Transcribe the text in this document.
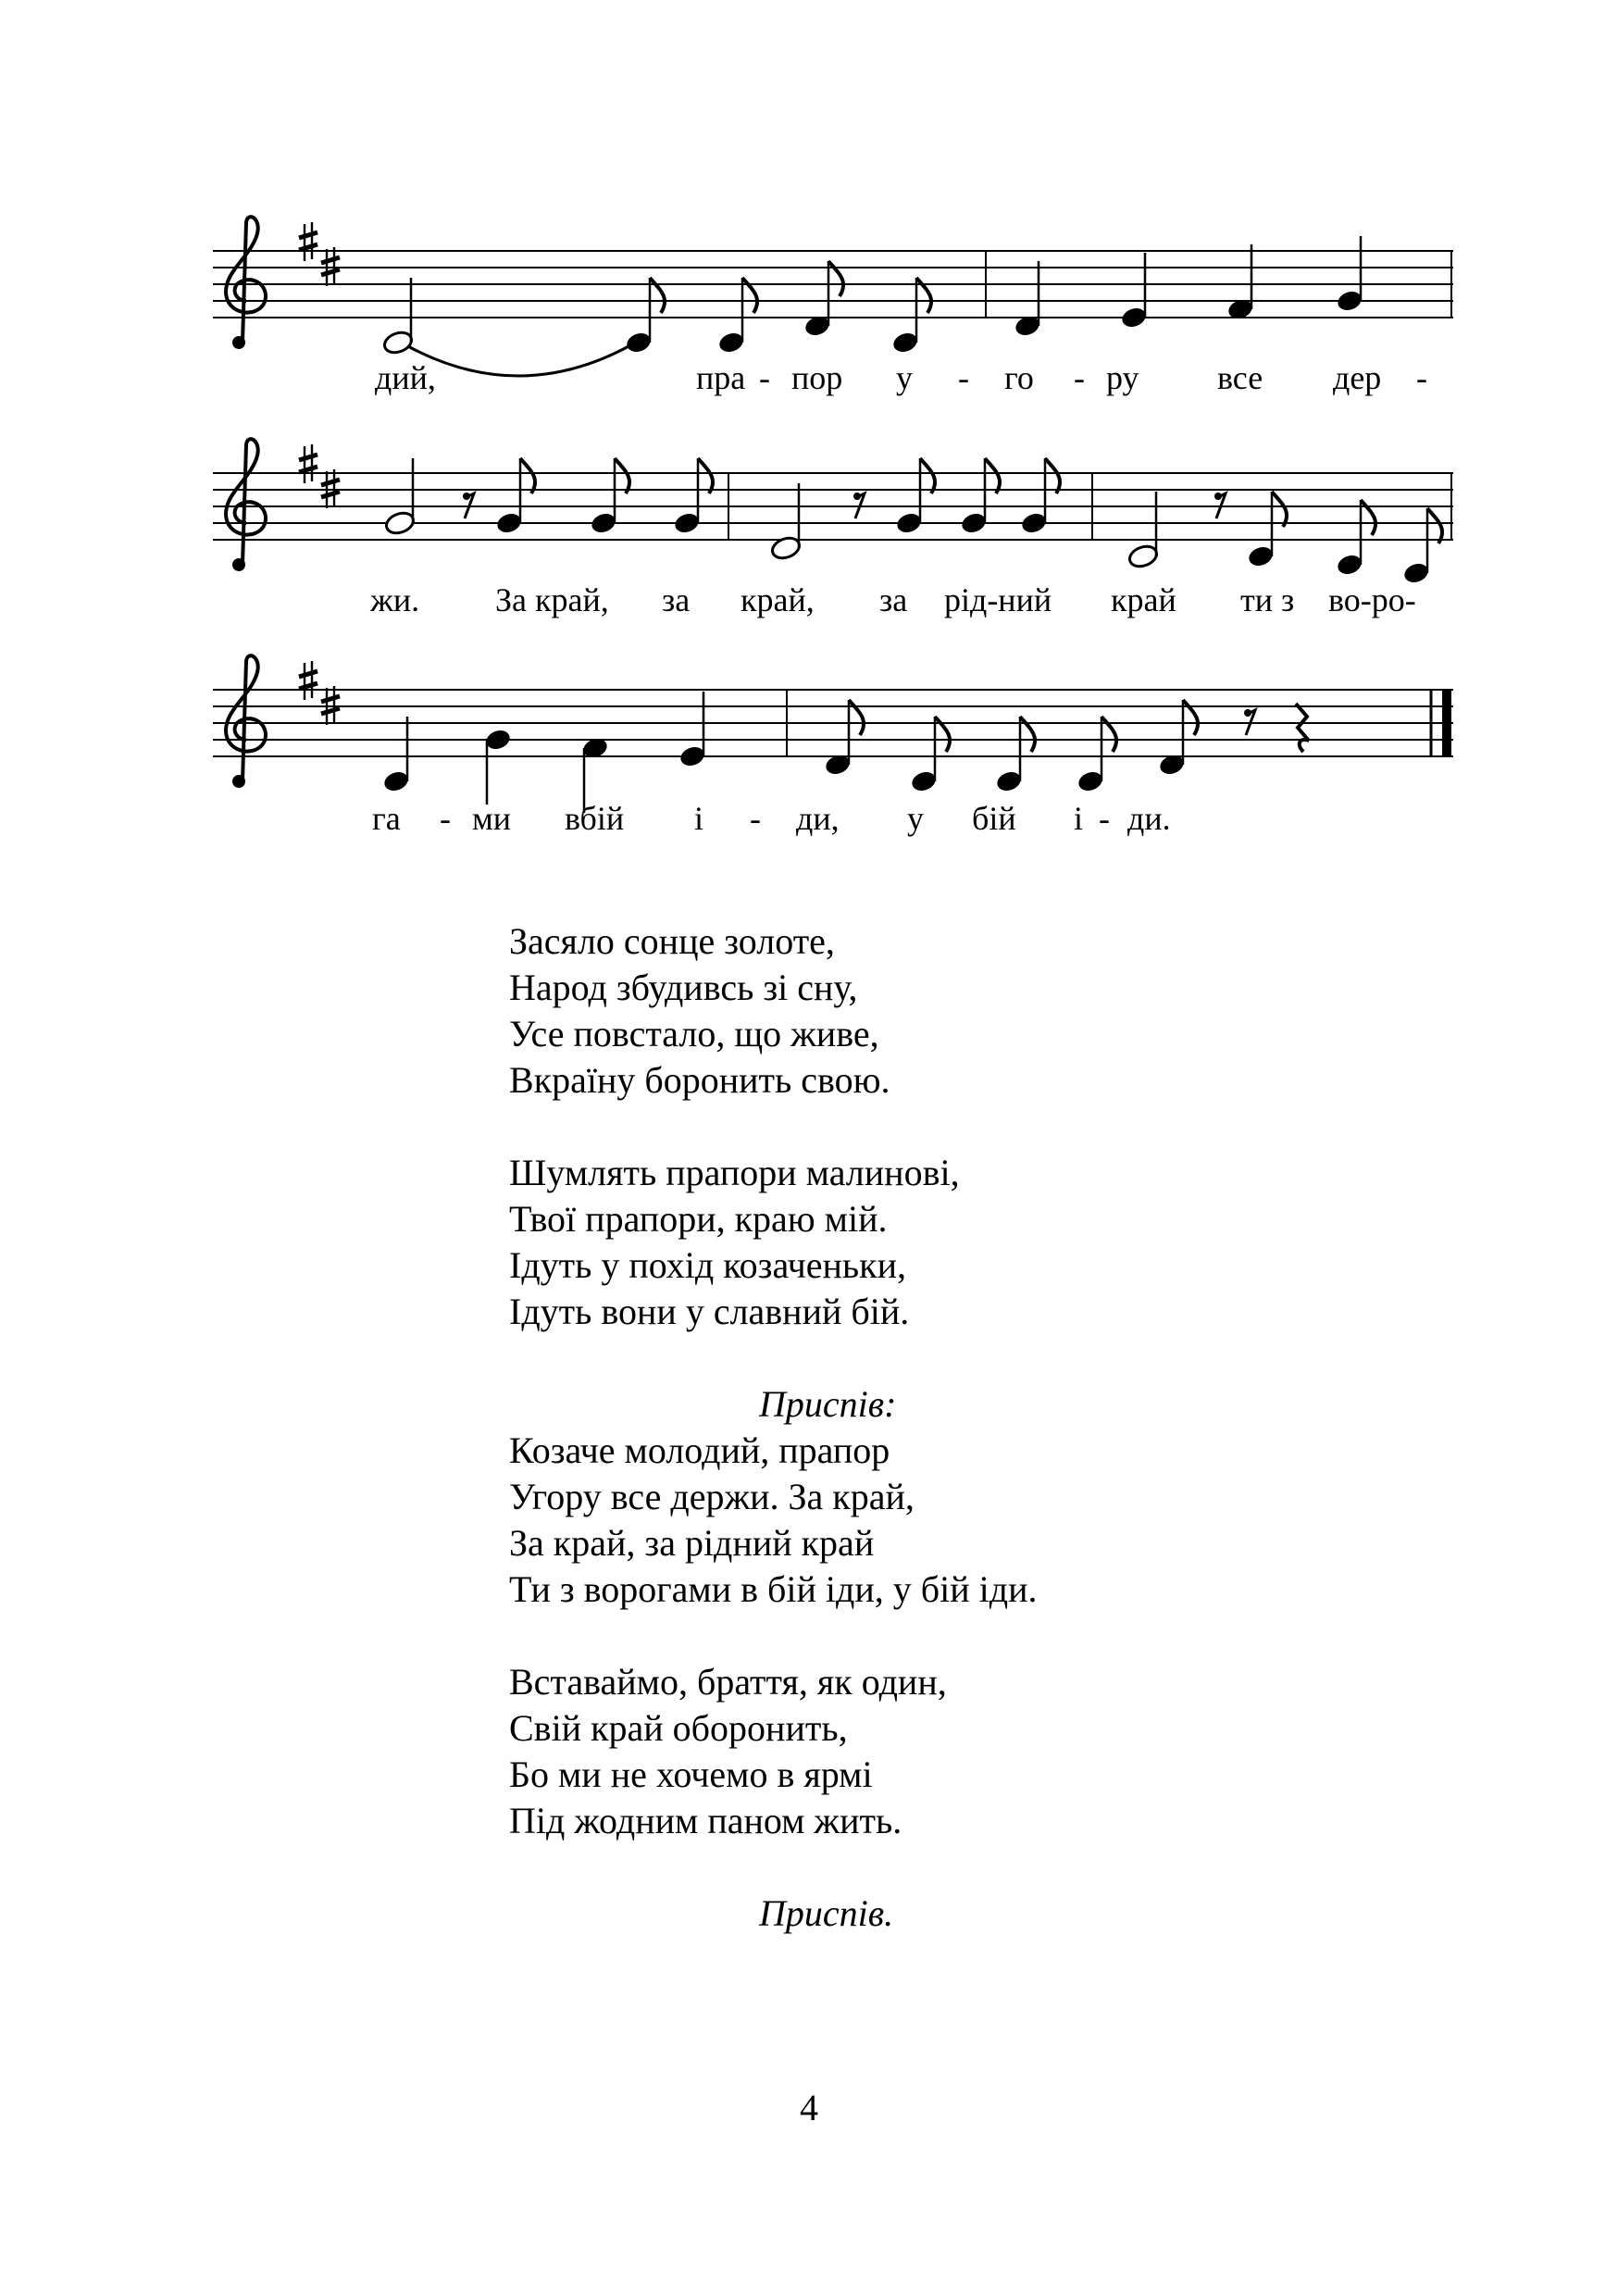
дий,	пра - пор у - го - ру все дер -
жи. За край, за край, за рід-ний край ти з во-ро-
га - ми вбій і - ди, у бій і - ди.
Засяло сонце золоте,
Народ збудивсь зі сну,
Усе повстало, що живе,
Вкраїну боронить свою.
Шумлять прапори малинові,
Твої прапори, краю мій.
Ідуть у похід козаченьки,
Ідуть вони у славний бій.
Приспів:
Козаче молодий, прапор
Угору все держи. За край,
За край, за рідний край
Ти з ворогами в бій іди, у бій іди.
Вставаймо, браття, як один,
Свій край оборонить,
Бо ми не хочемо в ярмі
Під жодним паном жить.
Приспів.
4
